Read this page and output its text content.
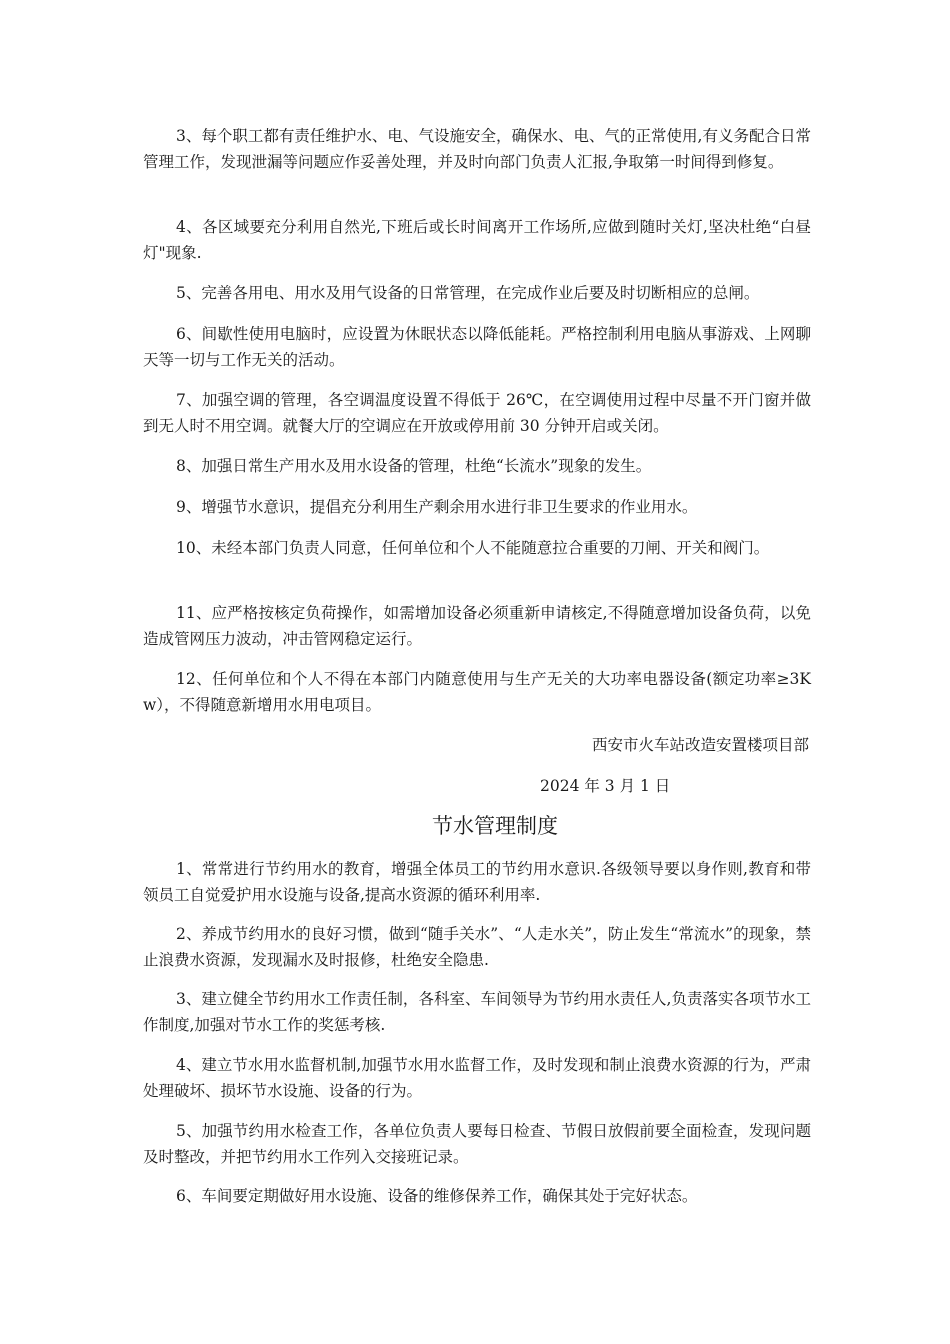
3、每个职工都有责任维护水、电、气设施安全，确保水、电、气的正常使用,有义务配合日常管理工作，发现泄漏等问题应作妥善处理，并及时向部门负责人汇报,争取第一时间得到修复。

4、各区域要充分利用自然光,下班后或长时间离开工作场所,应做到随时关灯,坚决杜绝“白昼灯"现象.

5、完善各用电、用水及用气设备的日常管理，在完成作业后要及时切断相应的总闸。

6、间歇性使用电脑时，应设置为休眠状态以降低能耗。严格控制利用电脑从事游戏、上网聊天等一切与工作无关的活动。

7、加强空调的管理，各空调温度设置不得低于 26℃，在空调使用过程中尽量不开门窗并做到无人时不用空调。就餐大厅的空调应在开放或停用前 30 分钟开启或关闭。

8、加强日常生产用水及用水设备的管理，杜绝“长流水”现象的发生。

9、增强节水意识，提倡充分利用生产剩余用水进行非卫生要求的作业用水。

10、未经本部门负责人同意，任何单位和个人不能随意拉合重要的刀闸、开关和阀门。

11、应严格按核定负荷操作，如需增加设备必须重新申请核定,不得随意增加设备负荷，以免造成管网压力波动，冲击管网稳定运行。

12、任何单位和个人不得在本部门内随意使用与生产无关的大功率电器设备(额定功率≥3Kw），不得随意新增用水用电项目。

西安市火车站改造安置楼项目部

2024 年 3 月 1 日

节水管理制度

1、常常进行节约用水的教育，增强全体员工的节约用水意识.各级领导要以身作则,教育和带领员工自觉爱护用水设施与设备,提高水资源的循环利用率.

2、养成节约用水的良好习惯，做到“随手关水”、“人走水关”，防止发生“常流水”的现象，禁止浪费水资源，发现漏水及时报修，杜绝安全隐患.

3、建立健全节约用水工作责任制，各科室、车间领导为节约用水责任人,负责落实各项节水工作制度,加强对节水工作的奖惩考核.

4、建立节水用水监督机制,加强节水用水监督工作，及时发现和制止浪费水资源的行为，严肃处理破坏、损坏节水设施、设备的行为。

5、加强节约用水检查工作，各单位负责人要每日检查、节假日放假前要全面检查，发现问题及时整改，并把节约用水工作列入交接班记录。

6、车间要定期做好用水设施、设备的维修保养工作，确保其处于完好状态。
